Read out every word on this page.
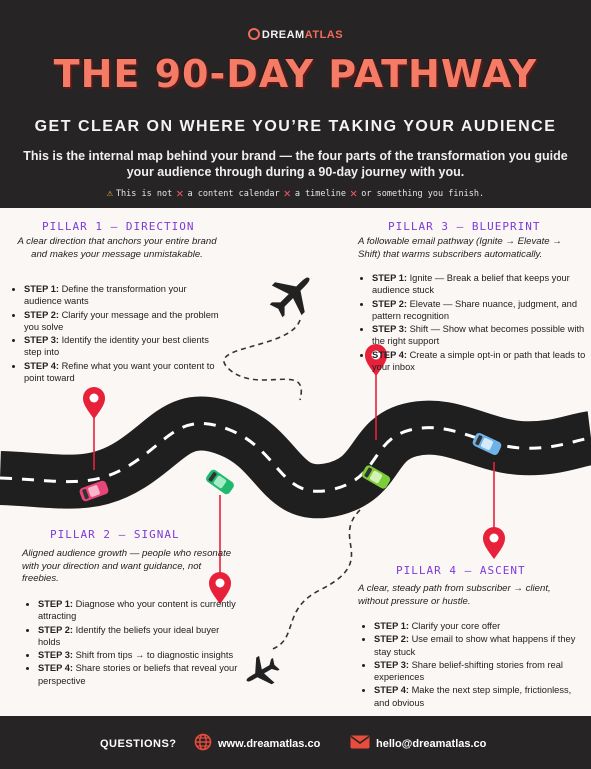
DREAMATLAS
THE 90-DAY PATHWAY
GET CLEAR ON WHERE YOU’RE TAKING YOUR AUDIENCE
This is the internal map behind your brand — the four parts of the transformation you guide your audience through during a 90-day journey with you.
⚠ This is not ✕ a content calendar ✕ a timeline ✕ or something you finish.
PILLAR 1 – DIRECTION
A clear direction that anchors your entire brand and makes your message unmistakable.
• STEP 1: Define the transformation your audience wants
• STEP 2: Clarify your message and the problem you solve
• STEP 3: Identify the identity your best clients step into
• STEP 4: Refine what you want your content to point toward
PILLAR 3 — BLUEPRINT
A followable email pathway (Ignite → Elevate → Shift) that warms subscribers automatically.
• STEP 1: Ignite — Break a belief that keeps your audience stuck
• STEP 2: Elevate — Share nuance, judgment, and pattern recognition
• STEP 3: Shift — Show what becomes possible with the right support
• STEP 4: Create a simple opt-in or path that leads to your inbox
PILLAR 2 — SIGNAL
Aligned audience growth — people who resonate with your direction and want guidance, not freebies.
• STEP 1: Diagnose who your content is currently attracting
• STEP 2: Identify the beliefs your ideal buyer holds
• STEP 3: Shift from tips → to diagnostic insights
• STEP 4: Share stories or beliefs that reveal your perspective
PILLAR 4 — ASCENT
A clear, steady path from subscriber → client, without pressure or hustle.
• STEP 1: Clarify your core offer
• STEP 2: Use email to show what happens if they stay stuck
• STEP 3: Share belief-shifting stories from real experiences
• STEP 4: Make the next step simple, frictionless, and obvious
QUESTIONS?	www.dreamatlas.co	hello@dreamatlas.co
